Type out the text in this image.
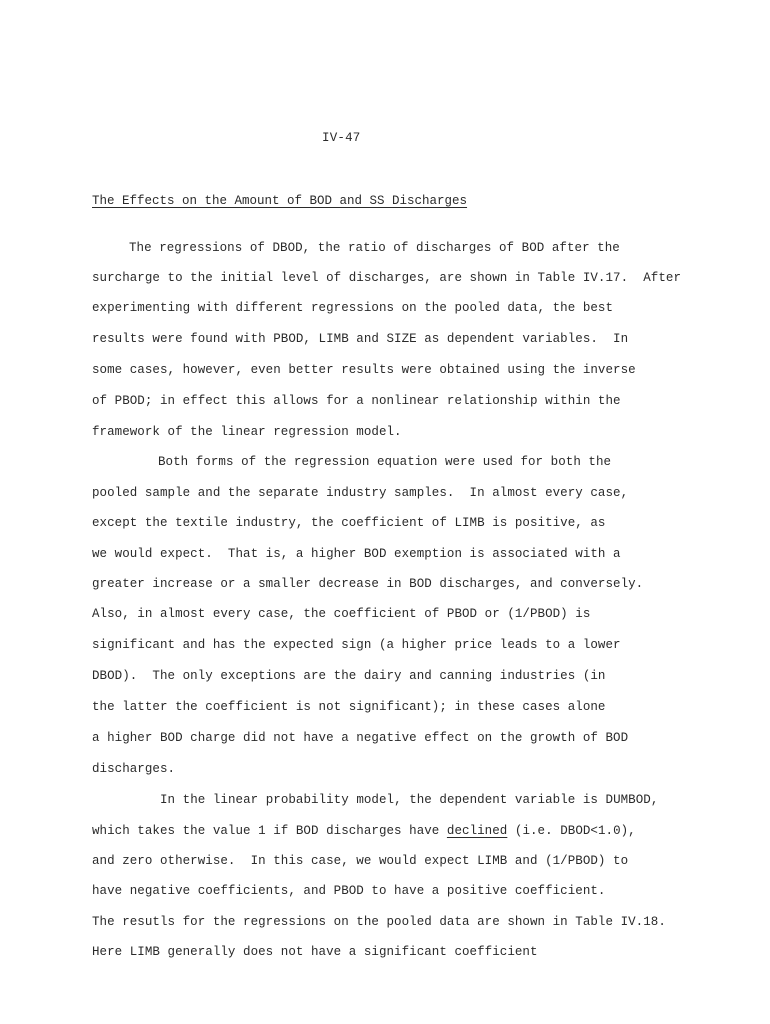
IV-47
The Effects on the Amount of BOD and SS Discharges
The regressions of DBOD, the ratio of discharges of BOD after the
surcharge to the initial level of discharges, are shown in Table IV.17.  After
experimenting with different regressions on the pooled data, the best
results were found with PBOD, LIMB and SIZE as dependent variables.  In
some cases, however, even better results were obtained using the inverse
of PBOD; in effect this allows for a nonlinear relationship within the
framework of the linear regression model.
Both forms of the regression equation were used for both the
pooled sample and the separate industry samples.  In almost every case,
except the textile industry, the coefficient of LIMB is positive, as
we would expect.  That is, a higher BOD exemption is associated with a
greater increase or a smaller decrease in BOD discharges, and conversely.
Also, in almost every case, the coefficient of PBOD or (1/PBOD) is
significant and has the expected sign (a higher price leads to a lower
DBOD).  The only exceptions are the dairy and canning industries (in
the latter the coefficient is not significant); in these cases alone
a higher BOD charge did not have a negative effect on the growth of BOD
discharges.
In the linear probability model, the dependent variable is DUMBOD,
which takes the value 1 if BOD discharges have declined (i.e. DBOD<1.0),
and zero otherwise.  In this case, we would expect LIMB and (1/PBOD) to
have negative coefficients, and PBOD to have a positive coefficient.
The resutls for the regressions on the pooled data are shown in Table IV.18.
Here LIMB generally does not have a significant coefficient
